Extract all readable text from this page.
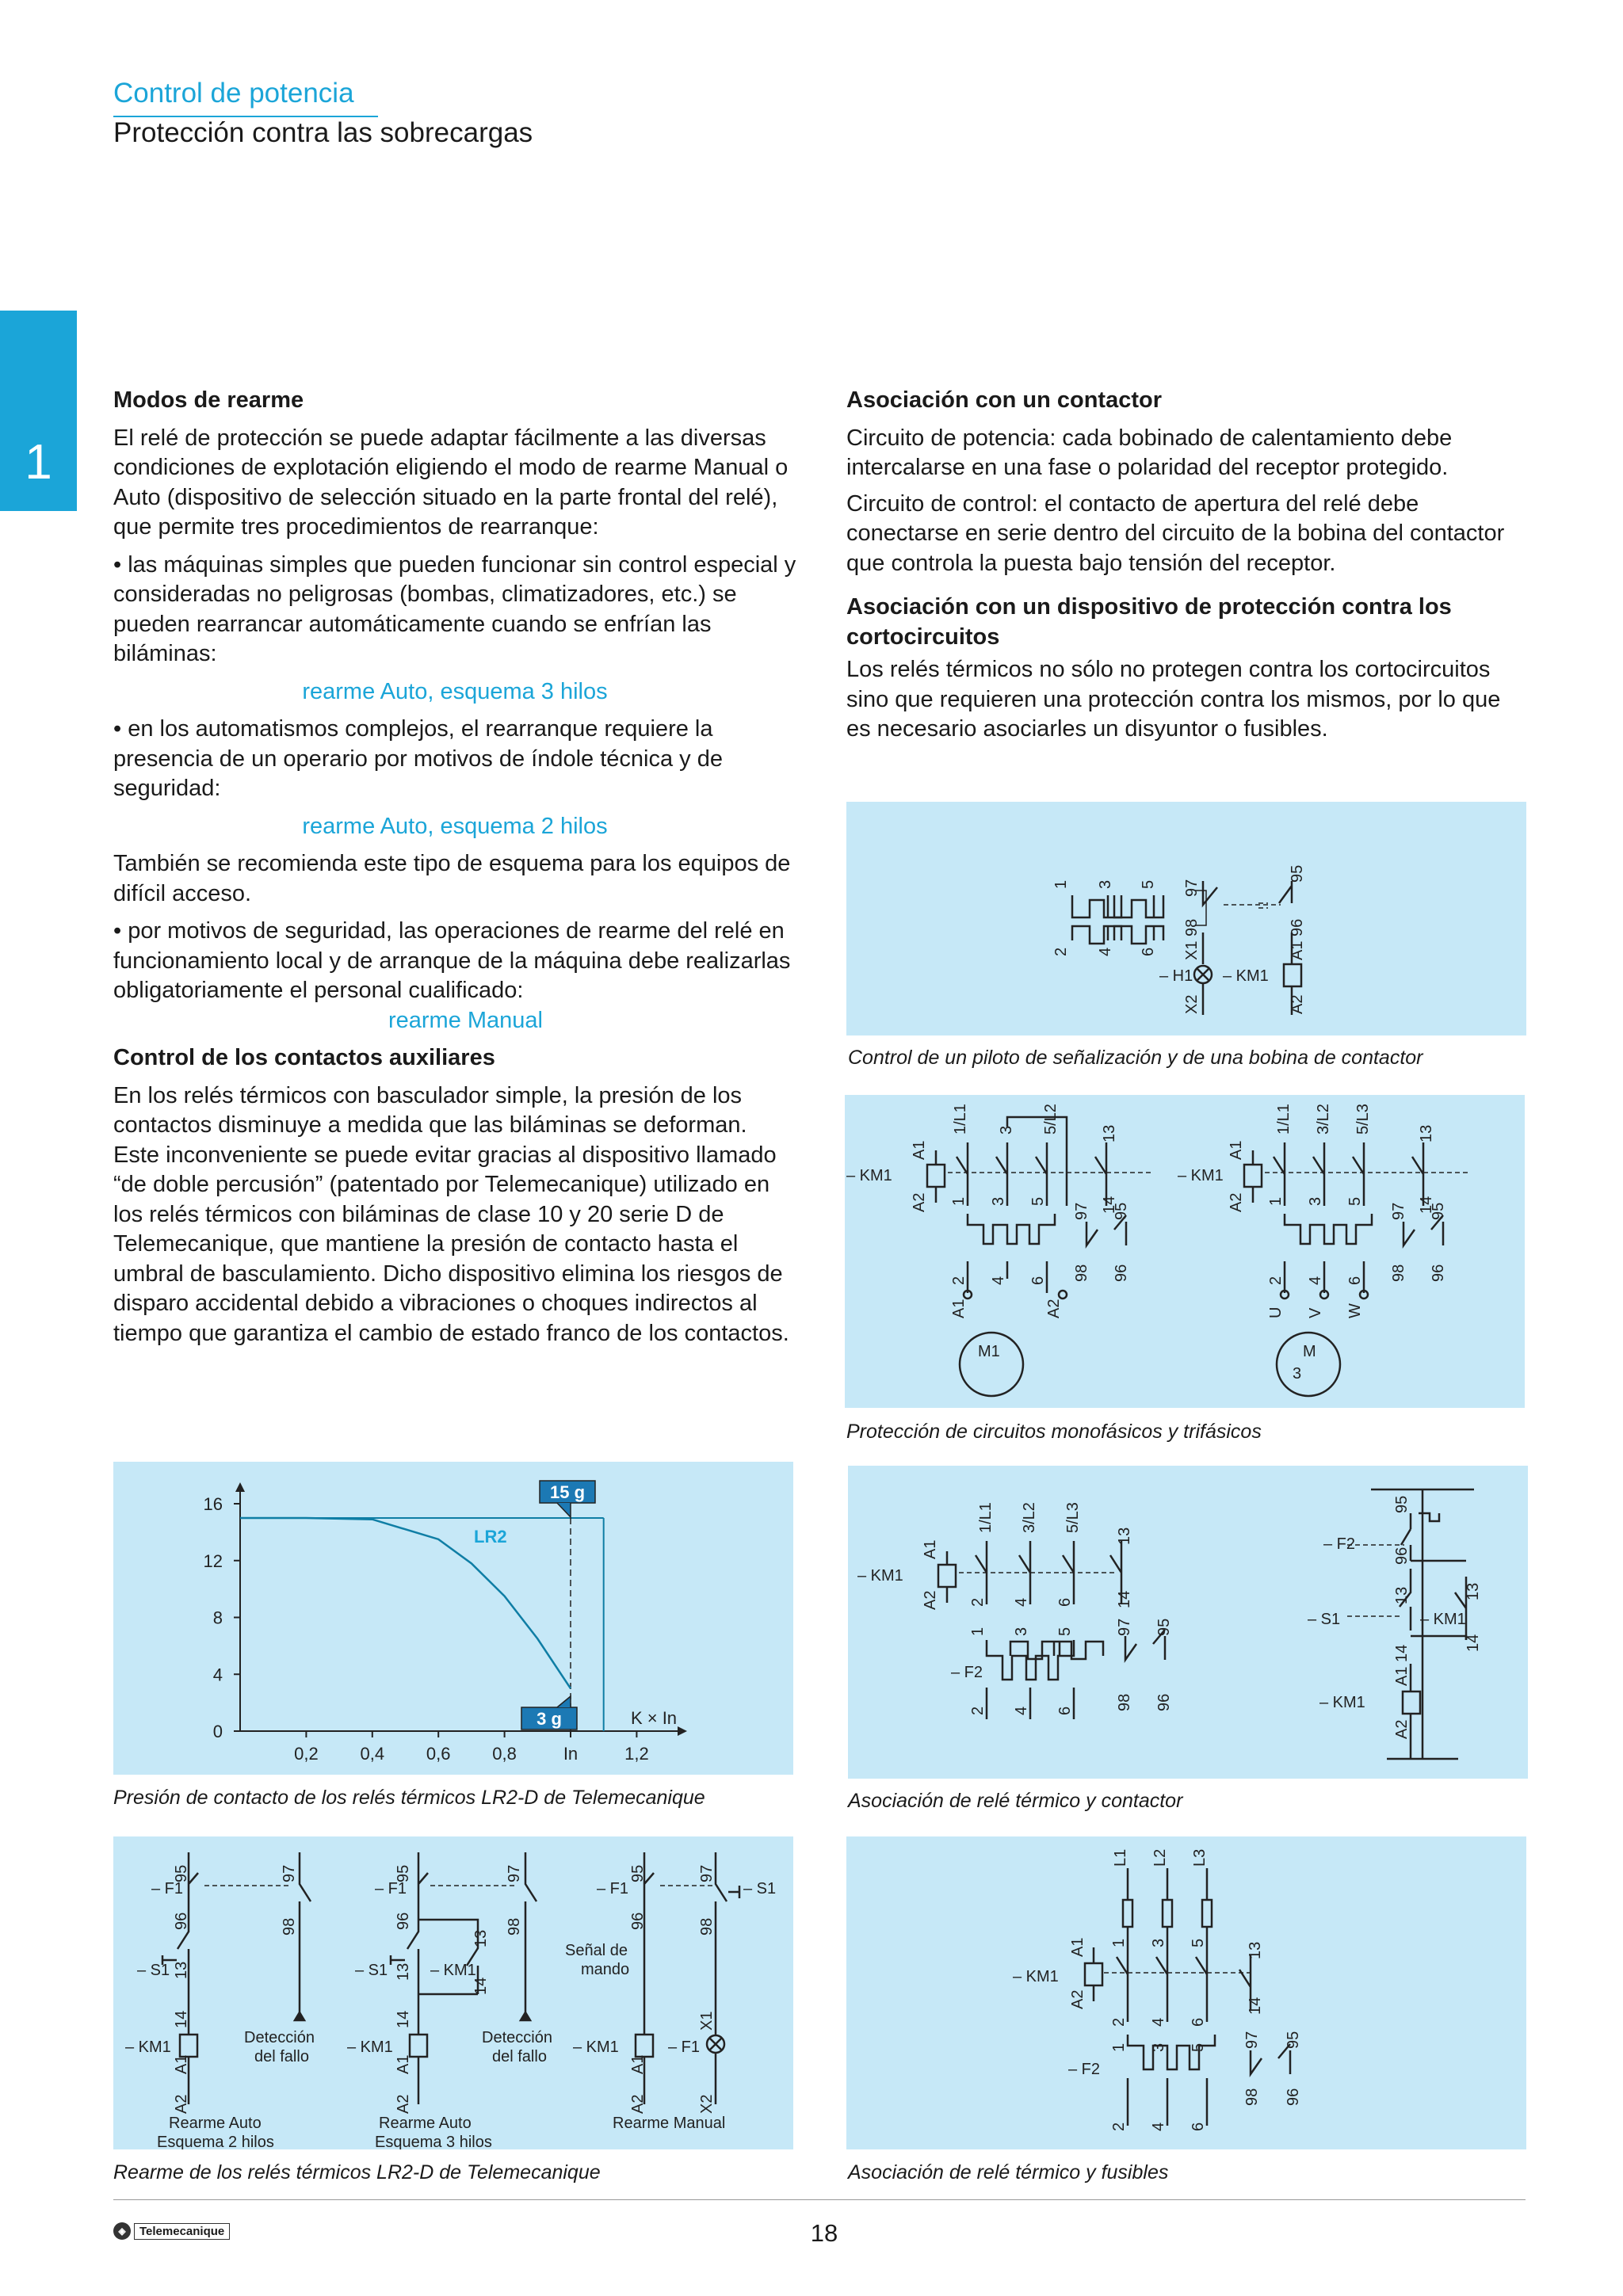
Control de potencia
Protección contra las sobrecargas
1
Modos de rearme

El relé de protección se puede adaptar fácilmente a las diversas condiciones de explotación eligiendo el modo de rearme Manual o Auto (dispositivo de selección situado en la parte frontal del relé), que permite tres procedimientos de rearranque:

• las máquinas simples que pueden funcionar sin control especial y consideradas no peligrosas (bombas, climatizadores, etc.) se pueden rearrancar automáticamente cuando se enfrían las biláminas:

rearme Auto, esquema 3 hilos

• en los automatismos complejos, el rearranque requiere la presencia de un operario por motivos de índole técnica y de seguridad:

rearme Auto, esquema 2 hilos

También se recomienda este tipo de esquema para los equipos de difícil acceso.

• por motivos de seguridad, las operaciones de rearme del relé en funcionamiento local y de arranque de la máquina debe realizarlas obligatoriamente el personal cualificado:

rearme Manual

Control de los contactos auxiliares

En los relés térmicos con basculador simple, la presión de los contactos disminuye a medida que las biláminas se deforman. Este inconveniente se puede evitar gracias al dispositivo llamado “de doble percusión” (patentado por Telemecanique) utilizado en los relés térmicos con biláminas de clase 10 y 20 serie D de Telemecanique, que mantiene la presión de contacto hasta el umbral de basculamiento. Dicho dispositivo elimina los riesgos de disparo accidental debido a vibraciones o choques indirectos al tiempo que garantiza el cambio de estado franco de los contactos.

Asociación con un contactor

Circuito de potencia: cada bobinado de calentamiento debe intercalarse en una fase o polaridad del receptor protegido.

Circuito de control: el contacto de apertura del relé debe conectarse en serie dentro del circuito de la bobina del contactor que controla la puesta bajo tensión del receptor.

Asociación con un dispositivo de protección contra los cortocircuitos

Los relés térmicos no sólo no protegen contra los cortocircuitos sino que requieren una protección contra los mismos, por lo que es necesario asociarles un disyuntor o fusibles.

1 3 5
2 4 6
97
X1 98
95
A1 96
– H1 – KM1
X2	A2
Control de un piloto de señalización y de una bobina de contactor
A1
A2
– KM1
1/L1 3 5/L2	13
14
1 3 5
2 4 6
97 95
98 96
A1	A2
M1
A1
A2
– KM1
1/L1 3/L2 5/L3	13
14
97 95
98 96
1 3 5
2 4 6
U V W
M
3
Protección de circuitos monofásicos y trifásicos
0
4
8
12
16
0,2 0,4 0,6 0,8	In	1,2
K × In
LR2
15 g
3 g
Presión de contacto de los relés térmicos LR2-D de Telemecanique
A1
A2
– KM1
1/L1 3/L2 5/L3
13
14
2 4 6
1 3 5
2 4 6
– F2
97 95
98 96
– F2
95
96
13
– S1
A1 14
– KM1
13
14
– KM1
A2
Asociación de relé térmico y contactor
95
96
13
14
A1
A2
– F1
– S1
– KM1
97
98
Detección
del fallo
Rearme Auto
Esquema 2 hilos
95
96
13
14
A1
A2
– F1
– S1	– KM1
13
14
– KM1
97
98
Detección
del fallo
Rearme Auto
Esquema 3 hilos
95
96
A1
A2
– F1	– S1
Señal de
mando
– KM1
97
98
X1
X2
– F1
Rearme Manual
Rearme de los relés térmicos LR2-D de Telemecanique
L1 L2 L3
1 3 5
2 4 6
1 3 5
2 4 6
A1
A2
– KM1
13
14
– F2
97 95
98 96
Asociación de relé térmico y fusibles
◈	Telemecanique	18
